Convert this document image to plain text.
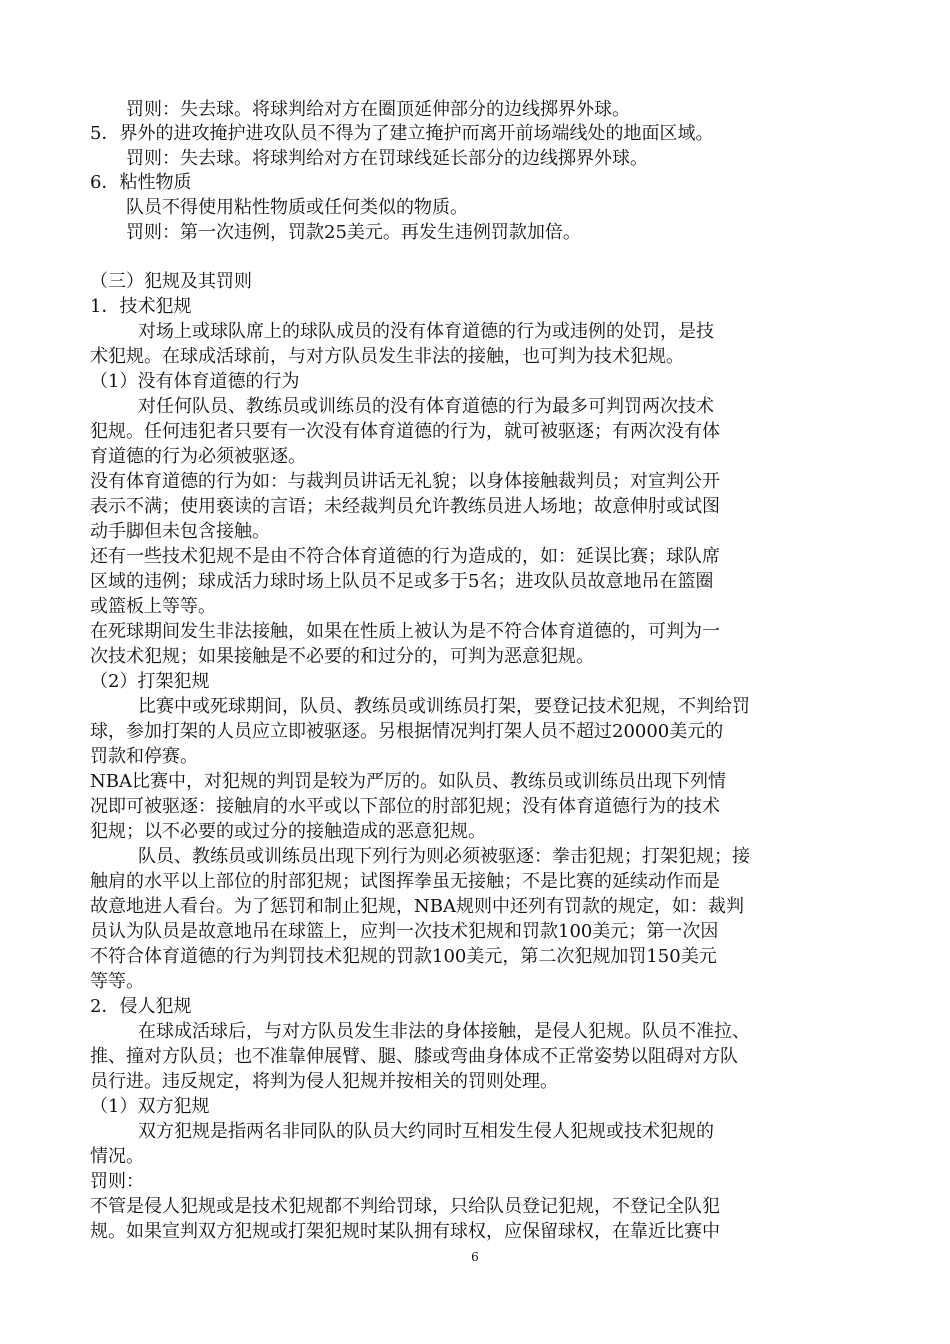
罚则：失去球。将球判给对方在圈顶延伸部分的边线掷界外球。
5．界外的进攻掩护进攻队员不得为了建立掩护而离开前场端线处的地面区域。
罚则：失去球。将球判给对方在罚球线延长部分的边线掷界外球。
6．粘性物质
队员不得使用粘性物质或任何类似的物质。
罚则：第一次违例，罚款25美元。再发生违例罚款加倍。
（三）犯规及其罚则
1．技术犯规
对场上或球队席上的球队成员的没有体育道德的行为或违例的处罚，是技
术犯规。在球成活球前，与对方队员发生非法的接触，也可判为技术犯规。
（1）没有体育道德的行为
对任何队员、教练员或训练员的没有体育道德的行为最多可判罚两次技术
犯规。任何违犯者只要有一次没有体育道德的行为，就可被驱逐；有两次没有体
育道德的行为必须被驱逐。
没有体育道德的行为如：与裁判员讲话无礼貌；以身体接触裁判员；对宣判公开
表示不满；使用亵读的言语；未经裁判员允许教练员进人场地；故意伸肘或试图
动手脚但未包含接触。
还有一些技术犯规不是由不符合体育道德的行为造成的，如：延误比赛；球队席
区域的违例；球成活力球时场上队员不足或多于5名；进攻队员故意地吊在篮圈
或篮板上等等。
在死球期间发生非法接触，如果在性质上被认为是不符合体育道德的，可判为一
次技术犯规；如果接触是不必要的和过分的，可判为恶意犯规。
（2）打架犯规
比赛中或死球期间，队员、教练员或训练员打架，要登记技术犯规，不判给罚
球，参加打架的人员应立即被驱逐。另根据情况判打架人员不超过20000美元的
罚款和停赛。
NBA比赛中，对犯规的判罚是较为严厉的。如队员、教练员或训练员出现下列情
况即可被驱逐：接触肩的水平或以下部位的肘部犯规；没有体育道德行为的技术
犯规；以不必要的或过分的接触造成的恶意犯规。
队员、教练员或训练员出现下列行为则必须被驱逐：拳击犯规；打架犯规；接
触肩的水平以上部位的肘部犯规；试图挥拳虽无接触；不是比赛的延续动作而是
故意地进人看台。为了惩罚和制止犯规，NBA规则中还列有罚款的规定，如：裁判
员认为队员是故意地吊在球篮上，应判一次技术犯规和罚款100美元；第一次因
不符合体育道德的行为判罚技术犯规的罚款100美元，第二次犯规加罚150美元
等等。
2．侵人犯规
在球成活球后，与对方队员发生非法的身体接触，是侵人犯规。队员不准拉、
推、撞对方队员；也不准靠伸展臂、腿、膝或弯曲身体成不正常姿势以阻碍对方队
员行进。违反规定，将判为侵人犯规并按相关的罚则处理。
（1）双方犯规
双方犯规是指两名非同队的队员大约同时互相发生侵人犯规或技术犯规的
情况。
罚则：
不管是侵人犯规或是技术犯规都不判给罚球，只给队员登记犯规，不登记全队犯
规。如果宣判双方犯规或打架犯规时某队拥有球权，应保留球权，在靠近比赛中
6
